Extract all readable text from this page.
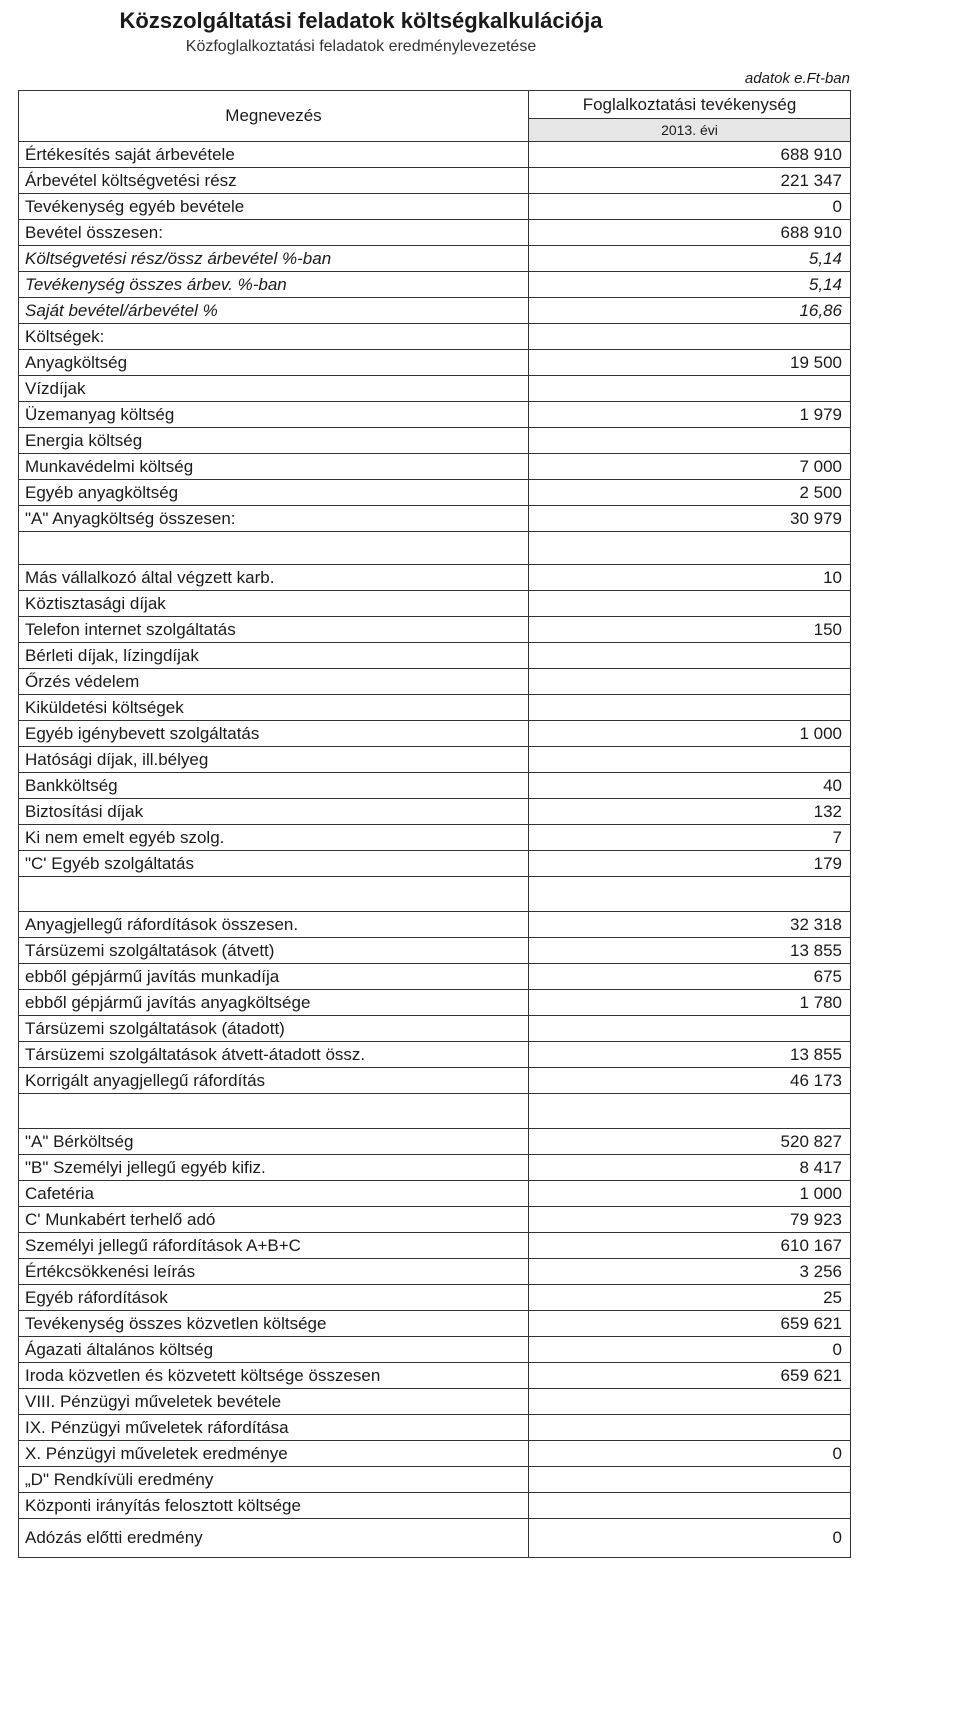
Közszolgáltatási feladatok költségkalkulációja
Közfoglalkoztatási feladatok eredménylevezetése
adatok e.Ft-ban
Megnevezés	Foglalkoztatási tevékenység
	2013. évi
Értékesítés saját árbevétele	688 910
Árbevétel költségvetési rész	221 347
Tevékenység egyéb bevétele	0
Bevétel összesen:	688 910
Költségvetési rész/össz árbevétel %-ban	5,14
Tevékenység összes árbev. %-ban	5,14
Saját bevétel/árbevétel %	16,86
Költségek:	
Anyagköltség	19 500
Vízdíjak	
Üzemanyag költség	1 979
Energia költség	
Munkavédelmi költség	7 000
Egyéb anyagköltség	2 500
"A" Anyagköltség összesen:	30 979

Más vállalkozó által végzett karb.	10
Köztisztasági díjak	
Telefon internet szolgáltatás	150
Bérleti díjak, lízingdíjak	
Őrzés védelem	
Kiküldetési költségek	
Egyéb igénybevett szolgáltatás	1 000
Hatósági díjak, ill.bélyeg	
Bankköltség	40
Biztosítási díjak	132
Ki nem emelt egyéb szolg.	7
"C' Egyéb szolgáltatás	179

Anyagjellegű ráfordítások összesen.	32 318
Társüzemi szolgáltatások (átvett)	13 855
ebből gépjármű javítás munkadíja	675
ebből gépjármű javítás anyagköltsége	1 780
Társüzemi szolgáltatások (átadott)	
Társüzemi szolgáltatások átvett-átadott össz.	13 855
Korrigált anyagjellegű ráfordítás	46 173

"A" Bérköltség	520 827
"B" Személyi jellegű egyéb kifiz.	8 417
Cafetéria	1 000
C' Munkabért terhelő adó	79 923
Személyi jellegű ráfordítások A+B+C	610 167
Értékcsökkenési leírás	3 256
Egyéb ráfordítások	25
Tevékenység összes közvetlen költsége	659 621
Ágazati általános költség	0
Iroda közvetlen és közvetett költsége összesen	659 621
VIII. Pénzügyi műveletek bevétele	
IX. Pénzügyi műveletek ráfordítása	
X. Pénzügyi műveletek eredménye	0
„D" Rendkívüli eredmény	
Központi irányítás felosztott költsége	
Adózás előtti eredmény	0
